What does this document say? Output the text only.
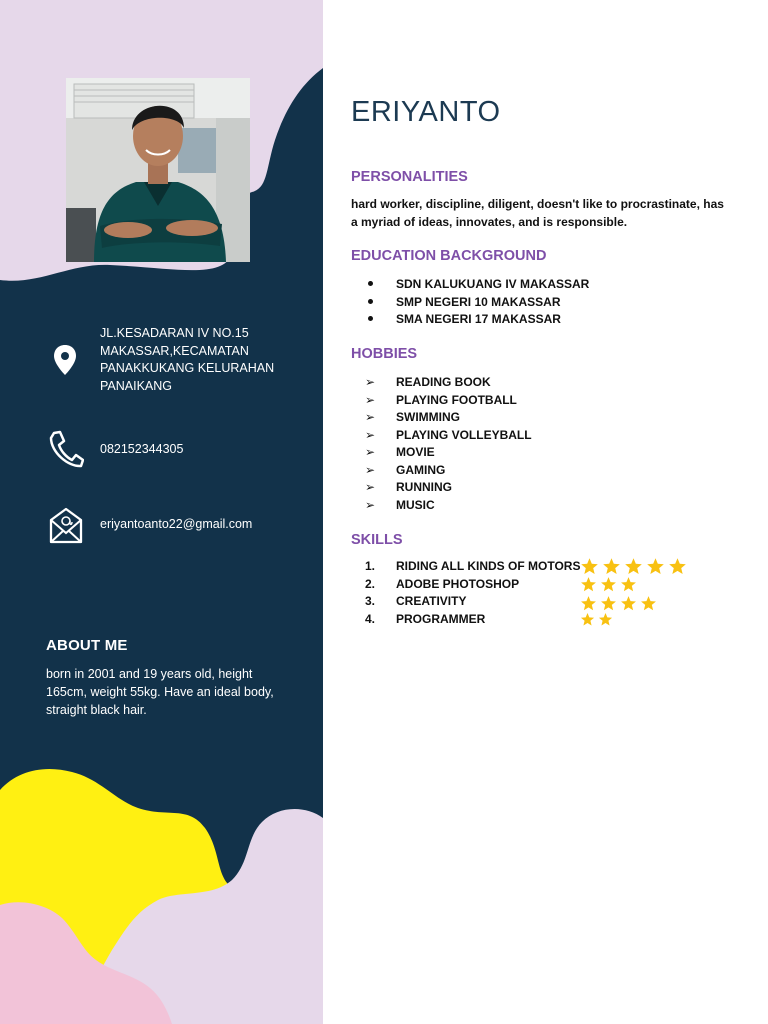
JL.KESADARAN IV NO.15 MAKASSAR,KECAMATAN PANAKKUKANG KELURAHAN PANAIKANG
082152344305
eriyantoanto22@gmail.com
ABOUT ME
born in 2001 and 19 years old, height 165cm, weight 55kg. Have an ideal body, straight black hair.
ERIYANTO
PERSONALITIES
hard worker, discipline, diligent, doesn't like to procrastinate, has a myriad of ideas, innovates, and is responsible.
EDUCATION BACKGROUND
SDN KALUKUANG IV MAKASSAR
SMP NEGERI 10 MAKASSAR
SMA NEGERI 17 MAKASSAR
HOBBIES
➢	READING BOOK
➢	PLAYING FOOTBALL
➢	SWIMMING
➢	PLAYING VOLLEYBALL
➢	MOVIE
➢	GAMING
➢	RUNNING
➢	MUSIC
SKILLS
1.	RIDING ALL KINDS OF MOTORS
2.	ADOBE PHOTOSHOP
3.	CREATIVITY
4.	PROGRAMMER
